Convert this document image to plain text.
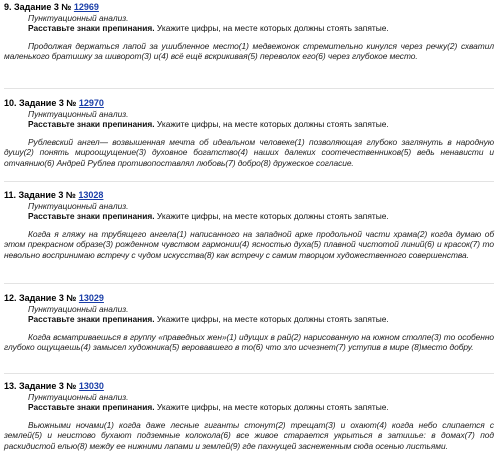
9. Задание 3 № 12969
Пунктуационный анализ.
Расставьте знаки препинания. Укажите цифры, на месте которых должны стоять запятые.
Продолжая держаться лапой за ушибленное место(1) медвежонок стремительно кинулся через речку(2) схватил маленького братишку за шиворот(3) и(4) всё ещё вскрикивая(5) переволок его(6) через глубокое место.
10. Задание 3 № 12970
Пунктуационный анализ.
Расставьте знаки препинания. Укажите цифры, на месте которых должны стоять запятые.
Рублевский ангел— возвышенная мечта об идеальном человеке(1) позволяющая глубоко заглянуть в народную душу(2) понять мироощущение(3) духовное богатство(4) наших далеких соотечественников(5) ведь ненависти и отчаянию(6) Андрей Рублев противопоставлял любовь(7) добро(8) дружеское согласие.
11. Задание 3 № 13028
Пунктуационный анализ.
Расставьте знаки препинания. Укажите цифры, на месте которых должны стоять запятые.
Когда я гляжу на трубящего ангела(1) написанного на западной арке продольной части храма(2) когда думаю об этом прекрасном образе(3) рожденном чувством гармонии(4) ясностью духа(5) плавной чистотой линий(6) и красок(7) то невольно воспринимаю встречу с чудом искусства(8) как встречу с самим творцом художественного совершенства.
12. Задание 3 № 13029
Пунктуационный анализ.
Расставьте знаки препинания. Укажите цифры, на месте которых должны стоять запятые.
Когда всматриваешься в группу «праведных жен»(1) идущих в рай(2) нарисованную на южном столпе(3) то особенно глубоко ощущаешь(4) замысел художника(5) веровавшего в то(6) что зло исчезнет(7) уступив в мире (8)место добру.
13. Задание 3 № 13030
Пунктуационный анализ.
Расставьте знаки препинания. Укажите цифры, на месте которых должны стоять запятые.
Вьюжными ночами(1) когда даже лесные гиганты стонут(2) трещат(3) и охают(4) когда небо слипается с землей(5) и неистово бухают подземные колокола(6) все живое старается укрыться в затишье: в домах(7) под раскидистой елью(8) между ее нижними лапами и землей(9) где пахнущей заснеженным сюда осенью листьями.
